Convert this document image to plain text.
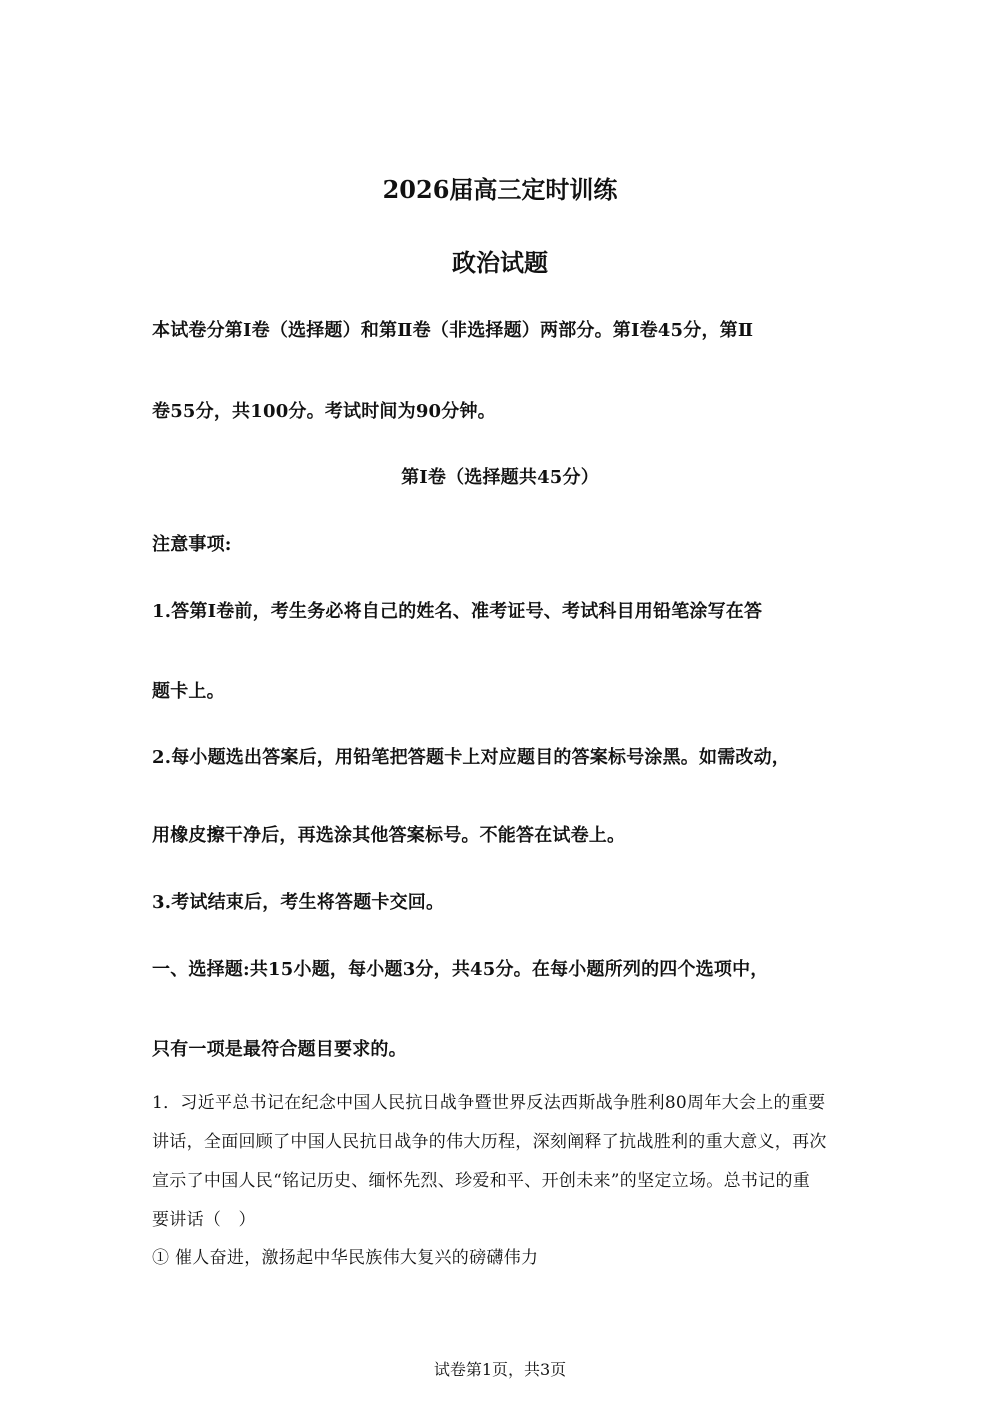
2026届高三定时训练
政治试题
本试卷分第Ⅰ卷（选择题）和第Ⅱ卷（非选择题）两部分。第Ⅰ卷45分，第Ⅱ
卷55分，共100分。考试时间为90分钟。
第Ⅰ卷（选择题共45分）
注意事项:
1.答第Ⅰ卷前，考生务必将自己的姓名、准考证号、考试科目用铅笔涂写在答
题卡上。
2.每小题选出答案后，用铅笔把答题卡上对应题目的答案标号涂黑。如需改动，
用橡皮擦干净后，再选涂其他答案标号。不能答在试卷上。
3.考试结束后，考生将答题卡交回。
一、选择题:共15小题，每小题3分，共45分。在每小题所列的四个选项中，
只有一项是最符合题目要求的。
1．习近平总书记在纪念中国人民抗日战争暨世界反法西斯战争胜利80周年大会上的重要
讲话，全面回顾了中国人民抗日战争的伟大历程，深刻阐释了抗战胜利的重大意义，再次
宣示了中国人民“铭记历史、缅怀先烈、珍爱和平、开创未来”的坚定立场。总书记的重
要讲话（　）
① 催人奋进，激扬起中华民族伟大复兴的磅礴伟力
试卷第1页，共3页
